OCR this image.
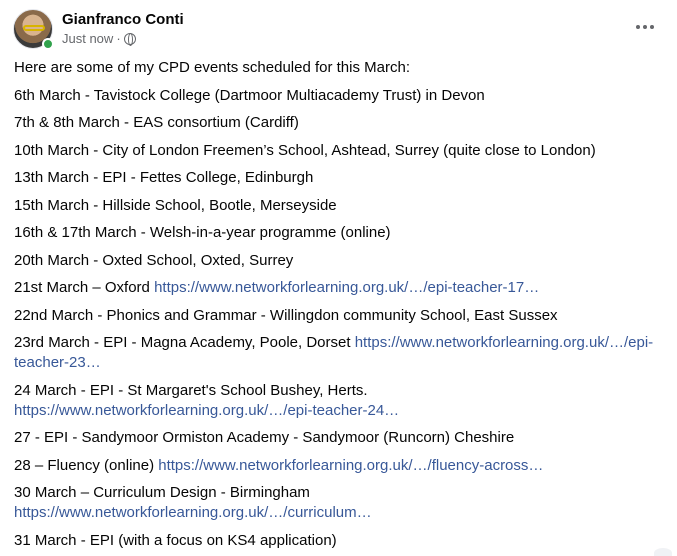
Gianfranco Conti
Just now ·
Here are some of my CPD events scheduled for this March:
6th March - Tavistock College (Dartmoor Multiacademy Trust) in Devon
7th & 8th March - EAS consortium (Cardiff)
10th March - City of London Freemen’s School, Ashtead, Surrey (quite close to London)
13th March - EPI - Fettes College, Edinburgh
15th March - Hillside School, Bootle, Merseyside
16th & 17th March - Welsh-in-a-year programme (online)
20th March - Oxted School, Oxted, Surrey
21st March – Oxford https://www.networkforlearning.org.uk/…/epi-teacher-17…
22nd March - Phonics and Grammar - Willingdon community School, East Sussex
23rd March - EPI - Magna Academy, Poole, Dorset https://www.networkforlearning.org.uk/…/epi-teacher-23…
24 March - EPI - St Margaret's School Bushey, Herts.
https://www.networkforlearning.org.uk/…/epi-teacher-24…
27 - EPI - Sandymoor Ormiston Academy - Sandymoor (Runcorn) Cheshire
28 – Fluency (online) https://www.networkforlearning.org.uk/…/fluency-across…
30 March – Curriculum Design - Birmingham
https://www.networkforlearning.org.uk/…/curriculum…
31 March - EPI (with a focus on KS4 application)
